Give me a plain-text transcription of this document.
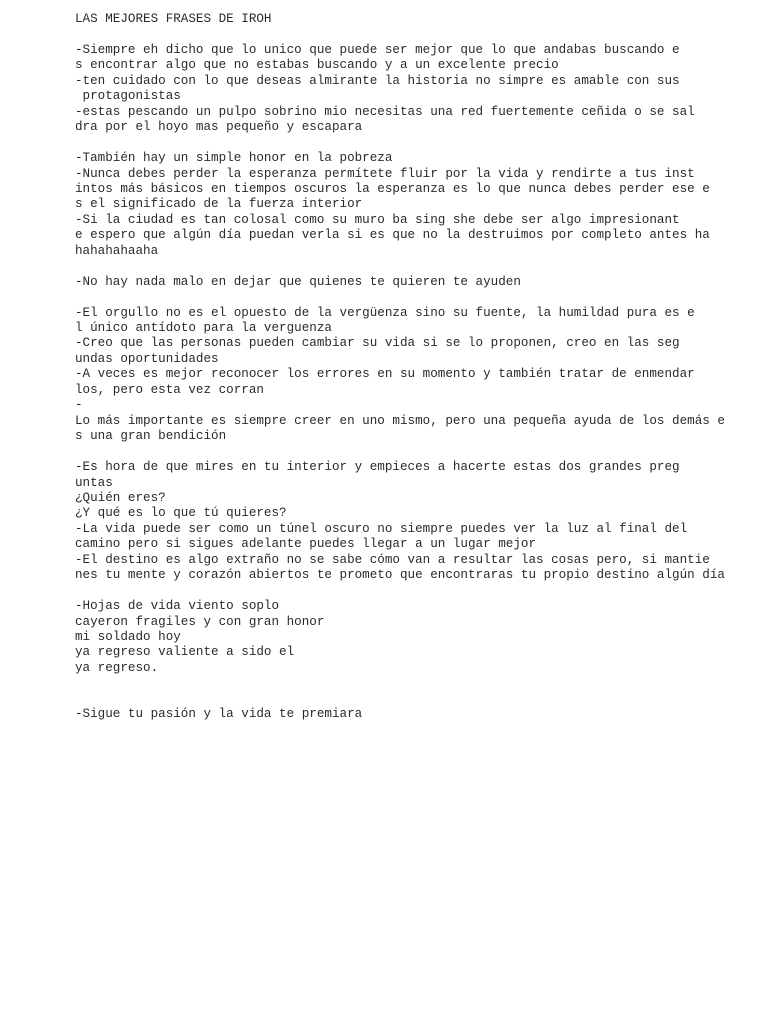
LAS MEJORES FRASES DE IROH
-Siempre eh dicho que lo unico que puede ser mejor que lo que andabas buscando e
s encontrar algo que no estabas buscando y a un excelente precio
-ten cuidado con lo que deseas almirante la historia no simpre es amable con sus
protagonistas
-estas pescando un pulpo sobrino mio necesitas una red fuertemente ceñida o se sal
dra por el hoyo mas pequeño y escapara
-También hay un simple honor en la pobreza
-Nunca debes perder la esperanza permítete fluir por la vida y rendirte a tus inst
intos más básicos en tiempos oscuros la esperanza es lo que nunca debes perder ese e
s el significado de la fuerza interior
-Si la ciudad es tan colosal como su muro ba sing she debe ser algo impresionant
e espero que algún día puedan verla si es que no la destruimos por completo antes ha
hahahahaaha
-No hay nada malo en dejar que quienes te quieren te ayuden
-El orgullo no es el opuesto de la vergüenza sino su fuente, la humildad pura es e
l único antídoto para la verguenza
-Creo que las personas pueden cambiar su vida si se lo proponen, creo en las seg
undas oportunidades
-A veces es mejor reconocer los errores en su momento y también tratar de enmendar
los, pero esta vez corran
-
Lo más importante es siempre creer en uno mismo, pero una pequeña ayuda de los demás e
s una gran bendición
-Es hora de que mires en tu interior y empieces a hacerte estas dos grandes preg
untas
¿Quién eres?
¿Y qué es lo que tú quieres?
-La vida puede ser como un túnel oscuro no siempre puedes ver la luz al final del
camino pero si sigues adelante puedes llegar a un lugar mejor
-El destino es algo extraño no se sabe cómo van a resultar las cosas pero, si mantie
nes tu mente y corazón abiertos te prometo que encontraras tu propio destino algún día
-Hojas de vida viento soplo
cayeron fragiles y con gran honor
mi soldado hoy
ya regreso valiente a sido el
ya regreso.
-Sigue tu pasión y la vida te premiara
